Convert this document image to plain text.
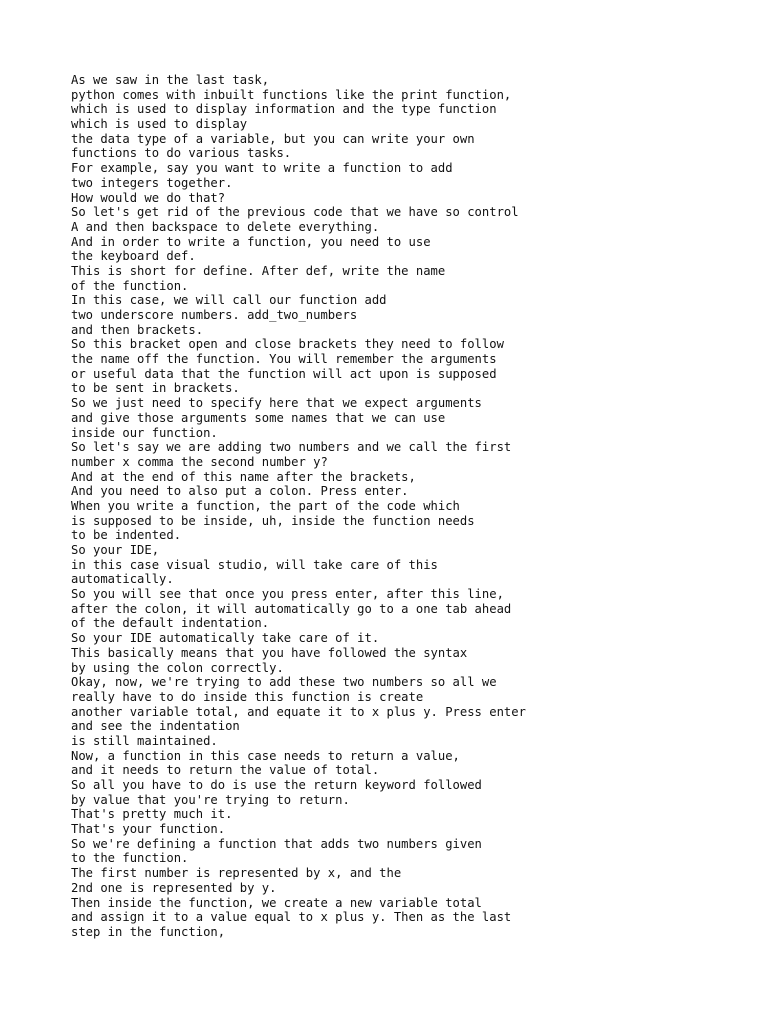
As we saw in the last task,
python comes with inbuilt functions like the print function,
which is used to display information and the type function
which is used to display
the data type of a variable, but you can write your own
functions to do various tasks.
For example, say you want to write a function to add
two integers together.
How would we do that?
So let's get rid of the previous code that we have so control
A and then backspace to delete everything.
And in order to write a function, you need to use
the keyboard def.
This is short for define. After def, write the name
of the function.
In this case, we will call our function add
two underscore numbers. add_two_numbers
and then brackets.
So this bracket open and close brackets they need to follow
the name off the function. You will remember the arguments
or useful data that the function will act upon is supposed
to be sent in brackets.
So we just need to specify here that we expect arguments
and give those arguments some names that we can use
inside our function.
So let's say we are adding two numbers and we call the first
number x comma the second number y?
And at the end of this name after the brackets,
And you need to also put a colon. Press enter.
When you write a function, the part of the code which
is supposed to be inside, uh, inside the function needs
to be indented.
So your IDE,
in this case visual studio, will take care of this
automatically.
So you will see that once you press enter, after this line,
after the colon, it will automatically go to a one tab ahead
of the default indentation.
So your IDE automatically take care of it.
This basically means that you have followed the syntax
by using the colon correctly.
Okay, now, we're trying to add these two numbers so all we
really have to do inside this function is create
another variable total, and equate it to x plus y. Press enter
and see the indentation
is still maintained.
Now, a function in this case needs to return a value,
and it needs to return the value of total.
So all you have to do is use the return keyword followed
by value that you're trying to return.
That's pretty much it.
That's your function.
So we're defining a function that adds two numbers given
to the function.
The first number is represented by x, and the
2nd one is represented by y.
Then inside the function, we create a new variable total
and assign it to a value equal to x plus y. Then as the last
step in the function,
